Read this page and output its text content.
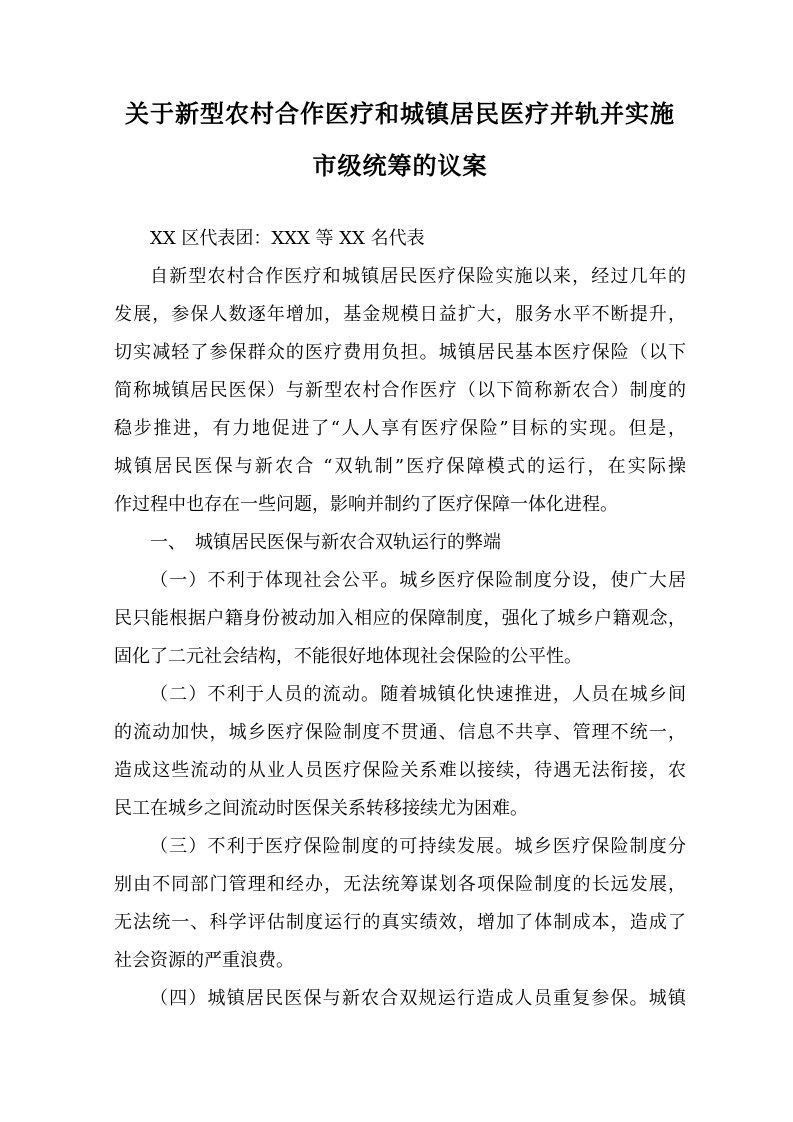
关于新型农村合作医疗和城镇居民医疗并轨并实施
市级统筹的议案
XX 区代表团：XXX 等 XX 名代表
自新型农村合作医疗和城镇居民医疗保险实施以来，经过几年的
发展，参保人数逐年增加，基金规模日益扩大，服务水平不断提升，
切实减轻了参保群众的医疗费用负担。城镇居民基本医疗保险（以下
简称城镇居民医保）与新型农村合作医疗（以下简称新农合）制度的
稳步推进，有力地促进了“人人享有医疗保险”目标的实现。但是，
城镇居民医保与新农合 “双轨制”医疗保障模式的运行，在实际操
作过程中也存在一些问题，影响并制约了医疗保障一体化进程。
一、　城镇居民医保与新农合双轨运行的弊端
（一）不利于体现社会公平。城乡医疗保险制度分设，使广大居
民只能根据户籍身份被动加入相应的保障制度，强化了城乡户籍观念，
固化了二元社会结构，不能很好地体现社会保险的公平性。
（二）不利于人员的流动。随着城镇化快速推进，人员在城乡间
的流动加快，城乡医疗保险制度不贯通、信息不共享、管理不统一，
造成这些流动的从业人员医疗保险关系难以接续，待遇无法衔接，农
民工在城乡之间流动时医保关系转移接续尤为困难。
（三）不利于医疗保险制度的可持续发展。城乡医疗保险制度分
别由不同部门管理和经办，无法统筹谋划各项保险制度的长远发展，
无法统一、科学评估制度运行的真实绩效，增加了体制成本，造成了
社会资源的严重浪费。
（四）城镇居民医保与新农合双规运行造成人员重复参保。城镇
